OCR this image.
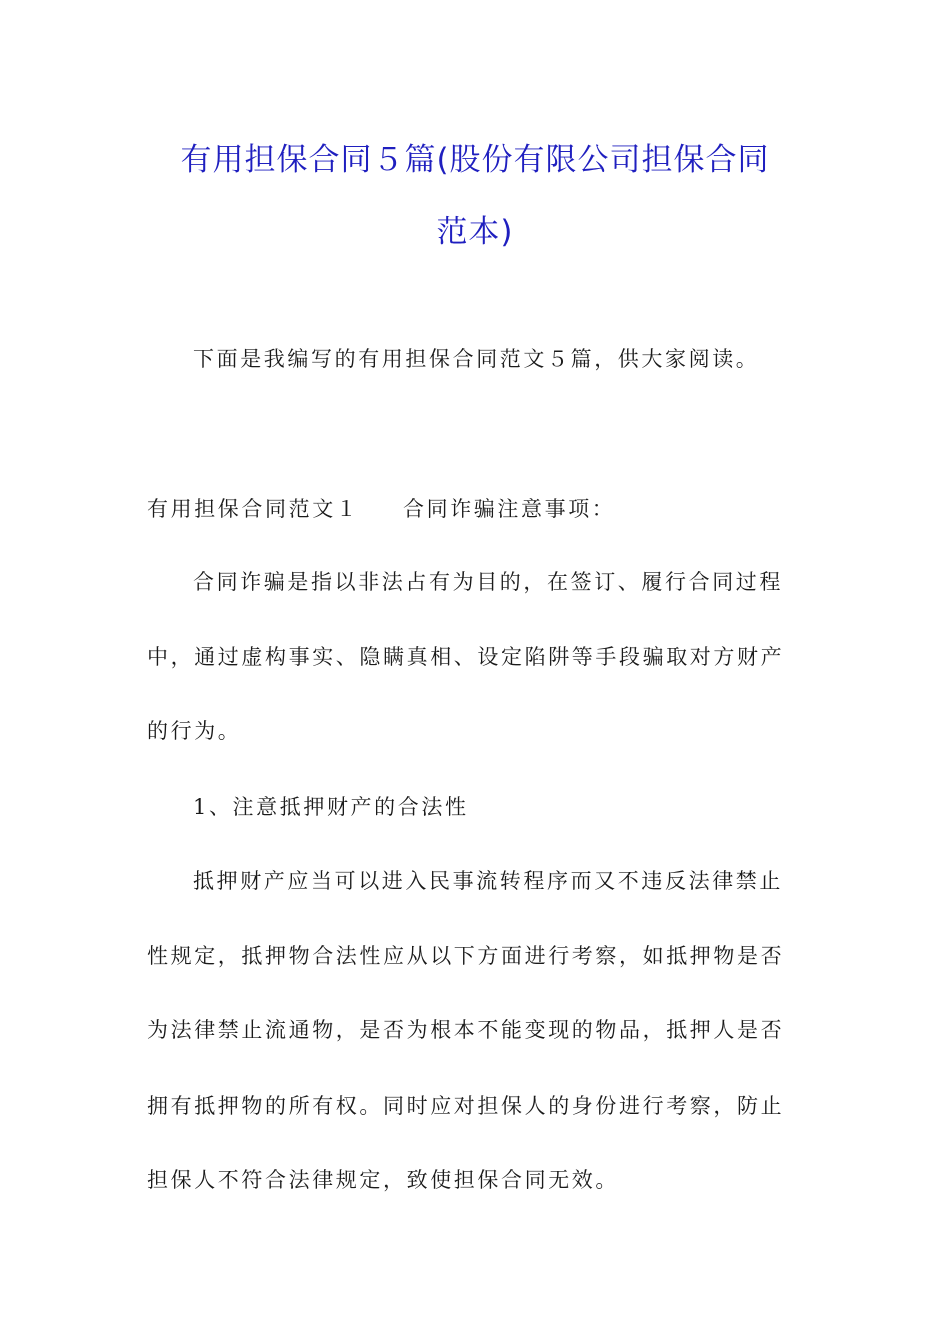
有用担保合同５篇(股份有限公司担保合同
范本)
下面是我编写的有用担保合同范文５篇，供大家阅读。
有用担保合同范文１ 合同诈骗注意事项：
合同诈骗是指以非法占有为目的，在签订、履行合同过程
中，通过虚构事实、隐瞒真相、设定陷阱等手段骗取对方财产
的行为。
1、注意抵押财产的合法性
抵押财产应当可以进入民事流转程序而又不违反法律禁止
性规定，抵押物合法性应从以下方面进行考察，如抵押物是否
为法律禁止流通物，是否为根本不能变现的物品，抵押人是否
拥有抵押物的所有权。同时应对担保人的身份进行考察，防止
担保人不符合法律规定，致使担保合同无效。
